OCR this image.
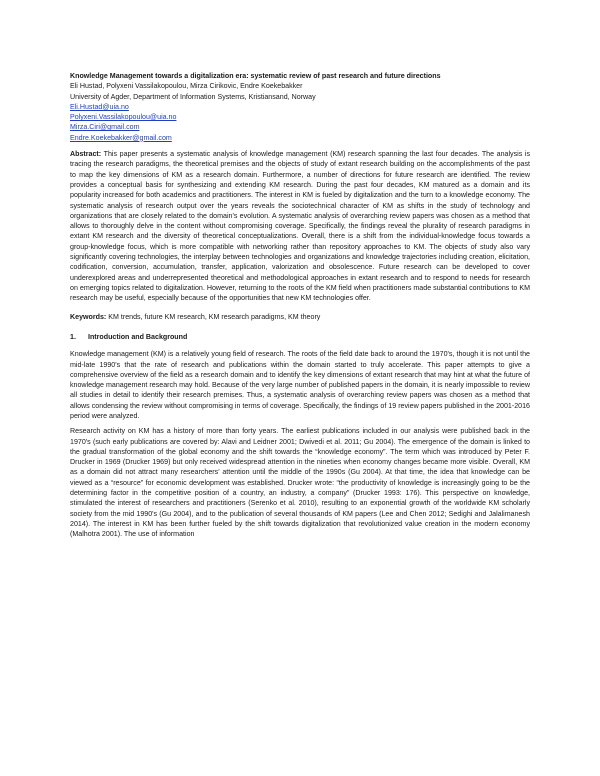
Knowledge Management towards a digitalization era: systematic review of past research and future directions

Eli Hustad, Polyxeni Vassilakopoulou, Mirza Cirikovic, Endre Koekebakker

University of Agder, Department of Information Systems, Kristiansand, Norway

Eli.Hustad@uia.no

Polyxeni.Vassilakopoulou@uia.no

Mirza.Ciri@gmail.com

Endre.Koekebakker@gmail.com

Abstract: This paper presents a systematic analysis of knowledge management (KM) research spanning the last four decades. The analysis is tracing the research paradigms, the theoretical premises and the objects of study of extant research building on the accomplishments of the past to map the key dimensions of KM as a research domain. Furthermore, a number of directions for future research are identified. The review provides a conceptual basis for synthesizing and extending KM research. During the past four decades, KM matured as a domain and its popularity increased for both academics and practitioners. The interest in KM is fueled by digitalization and the turn to a knowledge economy. The systematic analysis of research output over the years reveals the sociotechnical character of KM as shifts in the study of technology and organizations that are closely related to the domain's evolution. A systematic analysis of overarching review papers was chosen as a method that allows to thoroughly delve in the content without compromising coverage. Specifically, the findings reveal the plurality of research paradigms in extant KM research and the diversity of theoretical conceptualizations. Overall, there is a shift from the individual-knowledge focus towards a group-knowledge focus, which is more compatible with networking rather than repository approaches to KM. The objects of study also vary significantly covering technologies, the interplay between technologies and organizations and knowledge trajectories including creation, elicitation, codification, conversion, accumulation, transfer, application, valorization and obsolescence. Future research can be developed to cover underexplored areas and underrepresented theoretical and methodological approaches in extant research and to respond to needs for research on emerging topics related to digitalization. However, returning to the roots of the KM field when practitioners made substantial contributions to KM research may be useful, especially because of the opportunities that new KM technologies offer.

Keywords: KM trends, future KM research, KM research paradigms, KM theory

1. Introduction and Background

Knowledge management (KM) is a relatively young field of research. The roots of the field date back to around the 1970's, though it is not until the mid-late 1990's that the rate of research and publications within the domain started to truly accelerate. This paper attempts to give a comprehensive overview of the field as a research domain and to identify the key dimensions of extant research that may hint at what the future of knowledge management research may hold. Because of the very large number of published papers in the domain, it is nearly impossible to review all studies in detail to identify their research premises. Thus, a systematic analysis of overarching review papers was chosen as a method that allows condensing the review without compromising in terms of coverage. Specifically, the findings of 19 review papers published in the 2001-2016 period were analyzed.

Research activity on KM has a history of more than forty years. The earliest publications included in our analysis were published back in the 1970's (such early publications are covered by: Alavi and Leidner 2001; Dwivedi et al. 2011; Gu 2004). The emergence of the domain is linked to the gradual transformation of the global economy and the shift towards the “knowledge economy”. The term which was introduced by Peter F. Drucker in 1969 (Drucker 1969) but only received widespread attention in the nineties when economy changes became more visible. Overall, KM as a domain did not attract many researchers' attention until the middle of the 1990s (Gu 2004). At that time, the idea that knowledge can be viewed as a “resource” for economic development was established. Drucker wrote: “the productivity of knowledge is increasingly going to be the determining factor in the competitive position of a country, an industry, a company” (Drucker 1993: 176). This perspective on knowledge, stimulated the interest of researchers and practitioners (Serenko et al. 2010), resulting to an exponential growth of the worldwide KM scholarly society from the mid 1990's (Gu 2004), and to the publication of several thousands of KM papers (Lee and Chen 2012; Sedighi and Jalalimanesh 2014). The interest in KM has been further fueled by the shift towards digitalization that revolutionized value creation in the modern economy (Malhotra 2001). The use of information
